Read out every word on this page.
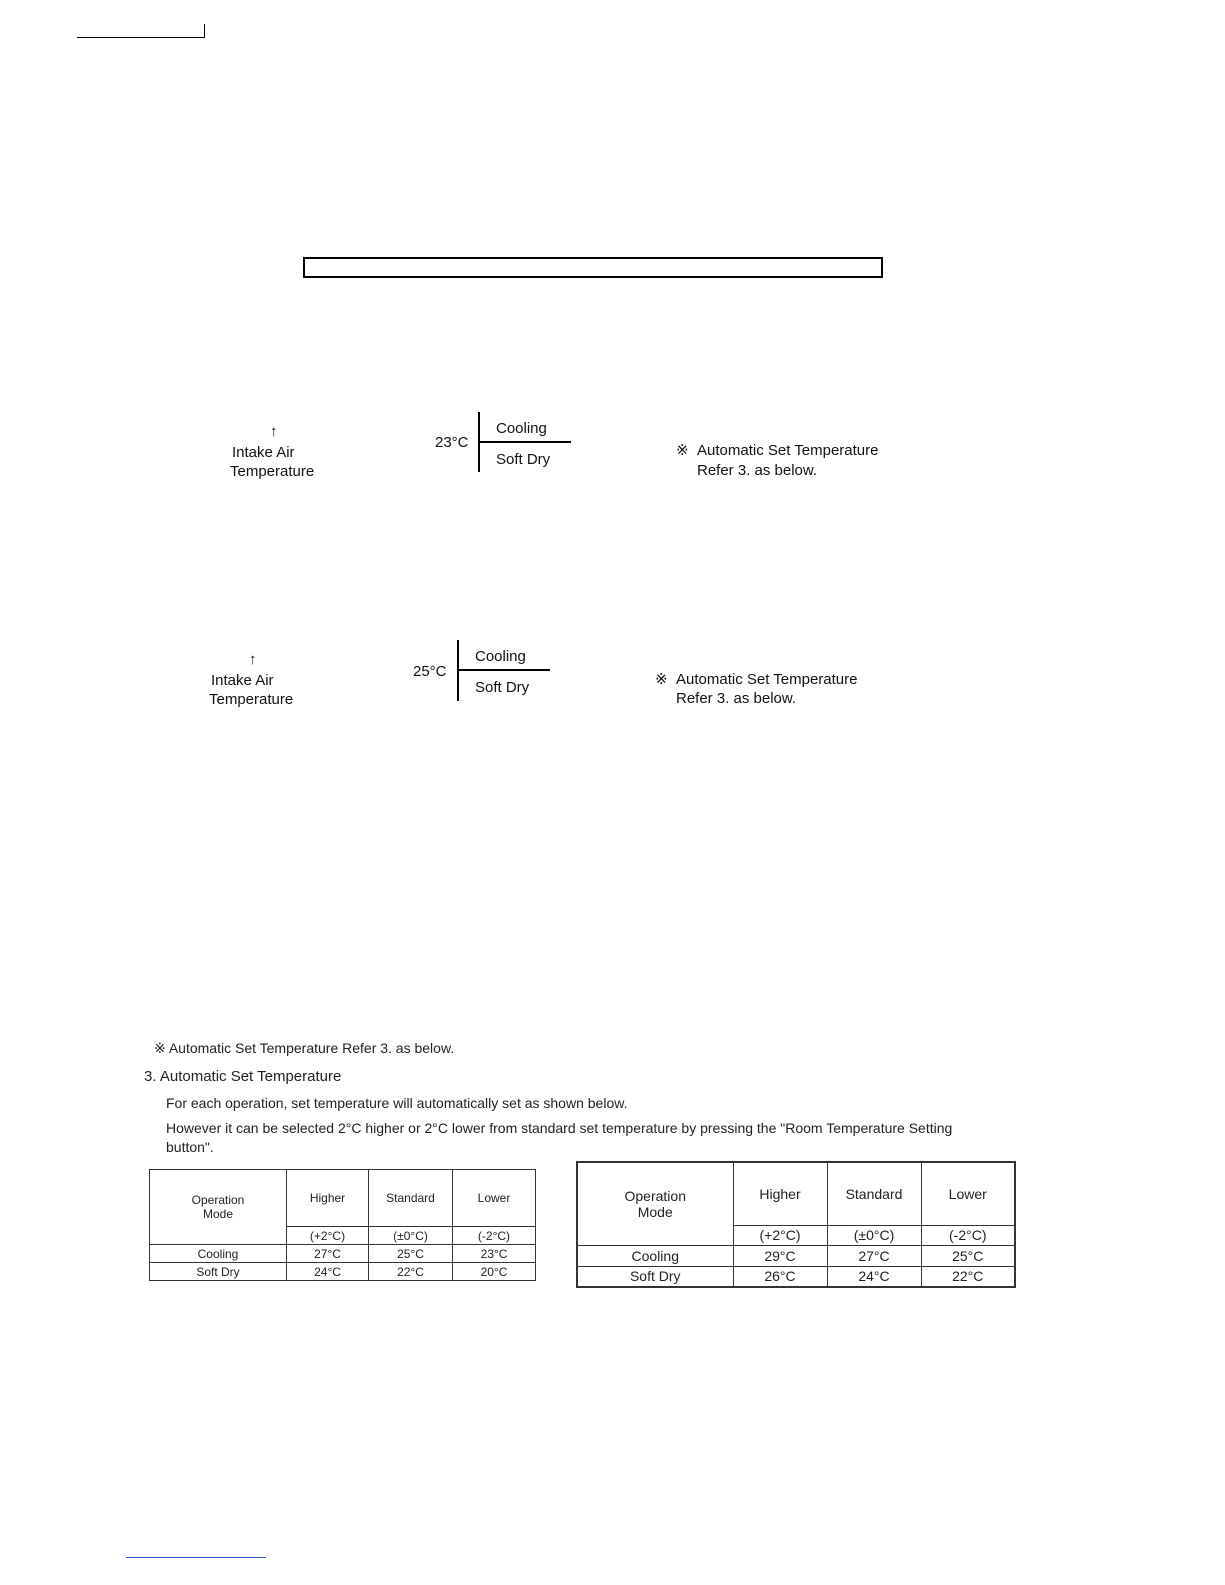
↑
Intake Air
Temperature
23°C
Cooling
Soft Dry
※ Automatic Set Temperature
Refer 3. as below.
↑
Intake Air
Temperature
25°C
Cooling
Soft Dry	※ Automatic Set Temperature
Refer 3. as below.
※ Automatic Set Temperature Refer 3. as below.
3. Automatic Set Temperature
For each operation, set temperature will automatically set as shown below.
However it can be selected 2°C higher or 2°C lower from standard set temperature by pressing the "Room Temperature Setting
button".
Operation
Mode	Higher	Standard	Lower
	(+2°C)	(±0°C)	(-2°C)
Cooling	27°C	25°C	23°C
Soft Dry	24°C	22°C	20°C
Operation
Mode	Higher	Standard	Lower
	(+2°C)	(±0°C)	(-2°C)
Cooling	29°C	27°C	25°C
Soft Dry	26°C	24°C	22°C
